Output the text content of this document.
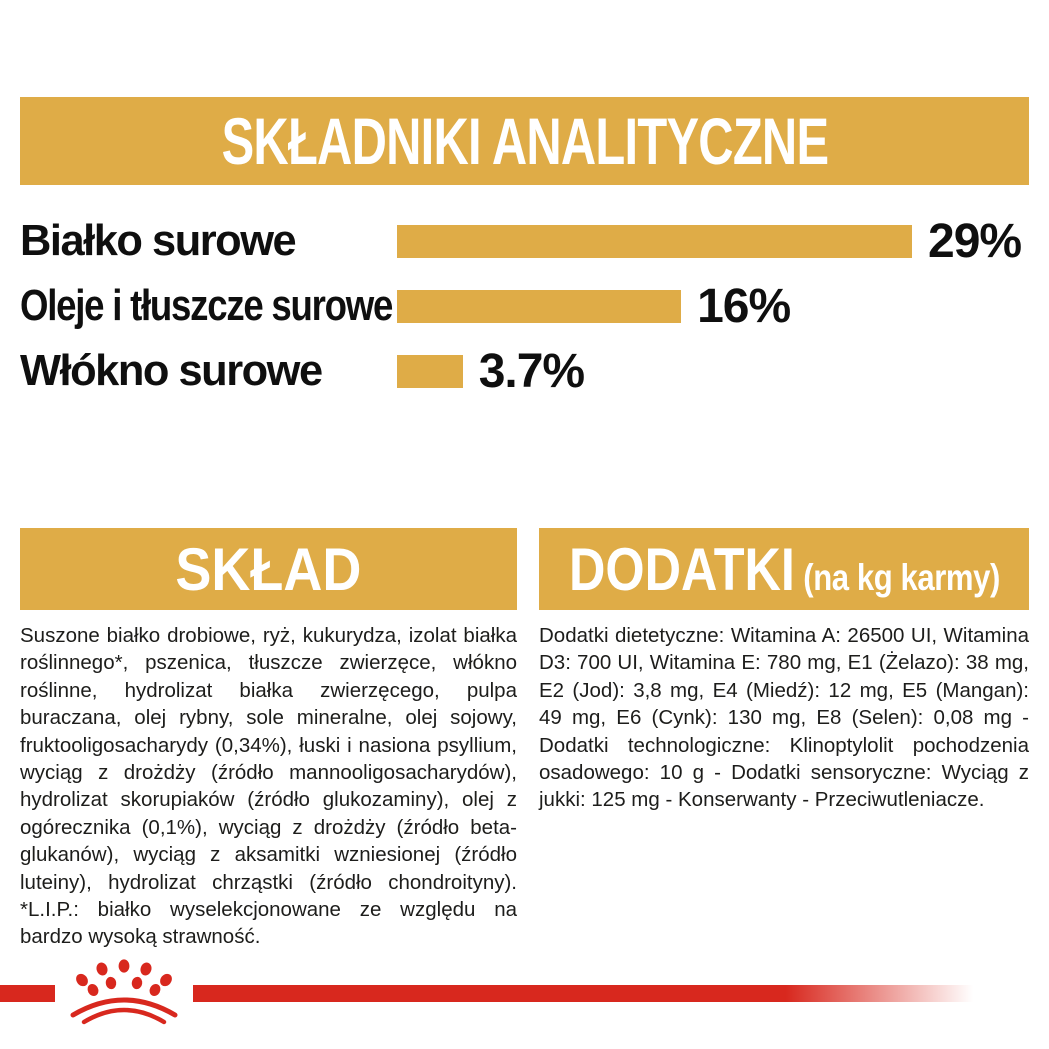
SKŁADNIKI ANALITYCZNE
Białko surowe	29%
Oleje i tłuszcze surowe	16%
Włókno surowe	3.7%
SKŁAD

Suszone białko drobiowe, ryż, kukurydza, izolat białka roślinnego*, pszenica, tłuszcze zwierzęce, włókno roślinne, hydrolizat białka zwierzęcego, pulpa buraczana, olej rybny, sole mineralne, olej sojowy, fruktooligosacharydy (0,34%), łuski i nasiona psyllium, wyciąg z drożdży (źródło mannooligosacharydów), hydrolizat skorupiaków (źródło glukozaminy), olej z ogórecznika (0,1%), wyciąg z drożdży (źródło beta-glukanów), wyciąg z aksamitki wzniesionej (źródło luteiny), hydrolizat chrząstki (źródło chondroityny). *L.I.P.: białko wyselekcjonowane ze względu na bardzo wysoką strawność.

DODATKI (na kg karmy)

Dodatki dietetyczne: Witamina A: 26500 UI, Witamina D3: 700 UI, Witamina E: 780 mg, E1 (Żelazo): 38 mg, E2 (Jod): 3,8 mg, E4 (Miedź): 12 mg, E5 (Mangan): 49 mg, E6 (Cynk): 130 mg, E8 (Selen): 0,08 mg - Dodatki technologiczne: Klinoptylolit pochodzenia osadowego: 10 g - Dodatki sensoryczne: Wyciąg z jukki: 125 mg - Konserwanty - Przeciwutleniacze.
